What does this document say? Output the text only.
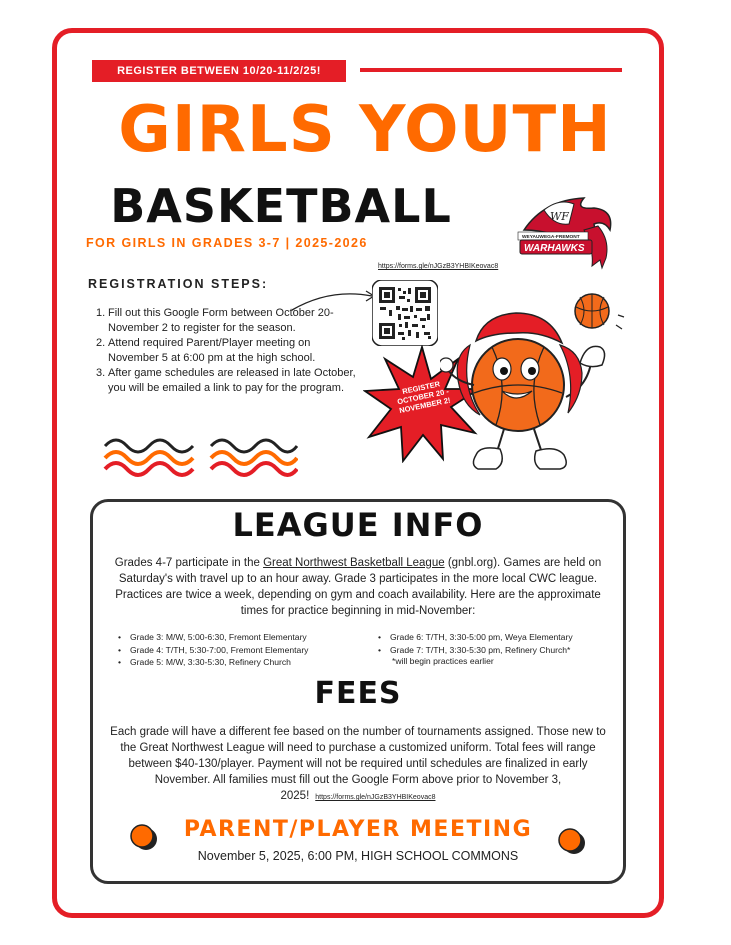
REGISTER BETWEEN 10/20-11/2/25!
GIRLS YOUTH
BASKETBALL
FOR GIRLS IN GRADES 3-7 | 2025-2026
WF
WEYAUWEGA-FREMONT
WARHAWKS
https://forms.gle/nJGzB3YHBIKeovac8
REGISTRATION STEPS:
1. Fill out this Google Form between October 20-November 2 to register for the season.
2. Attend required Parent/Player meeting on November 5 at 6:00 pm at the high school.
3. After game schedules are released in late October, you will be emailed a link to pay for the program.	REGISTER OCTOBER 20 - NOVEMBER 2!
LEAGUE INFO
Grades 4-7 participate in the Great Northwest Basketball League (gnbl.org). Games are held on Saturday's with travel up to an hour away. Grade 3 participates in the more local CWC league. Practices are twice a week, depending on gym and coach availability. Here are the approximate times for practice beginning in mid-November:
•	Grade 3: M/W, 5:00-6:30, Fremont Elementary
•	Grade 4: T/TH, 5:30-7:00, Fremont Elementary
•	Grade 5: M/W, 3:30-5:30, Refinery Church
•	Grade 6: T/TH, 3:30-5:00 pm, Weya Elementary
•	Grade 7: T/TH, 3:30-5:30 pm, Refinery Church*
*will begin practices earlier
FEES
Each grade will have a different fee based on the number of tournaments assigned. Those new to the Great Northwest League will need to purchase a customized uniform. Total fees will range between $40-130/player. Payment will not be required until schedules are finalized in early November. All families must fill out the Google Form above prior to November 3, 2025! https://forms.gle/nJGzB3YHBIKeovac8
PARENT/PLAYER MEETING
November 5, 2025, 6:00 PM, HIGH SCHOOL COMMONS
